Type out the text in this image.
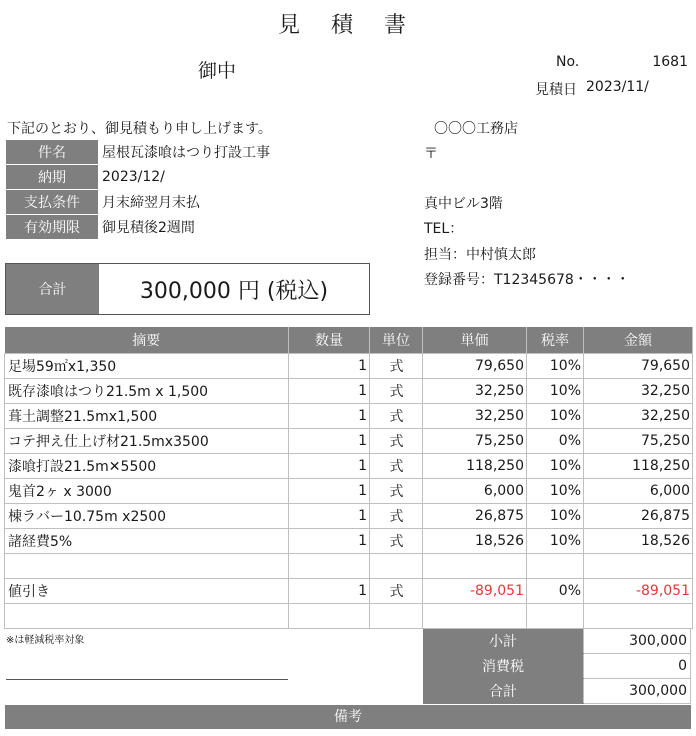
見 積 書
御中	No.	1681
見積日 2023/11/
下記のとおり、御見積もり申し上げます。
件名	屋根瓦漆喰はつり打設工事
納期	2023/12/
支払条件	月末締翌月末払
有効期限	御見積後2週間
〇〇〇工務店
〒
真中ビル3階
TEL：
担当：中村慎太郎
登録番号：T12345678・・・・
合計	300,000 円 (税込)
摘要	数量	単位	単価	税率	金額
足場59㎡x1,350	1	式	79,650	10%	79,650
既存漆喰はつり21.5m x 1,500	1	式	32,250	10%	32,250
葺土調整21.5mx1,500	1	式	32,250	10%	32,250
コテ押え仕上げ材21.5mx3500	1	式	75,250	0%	75,250
漆喰打設21.5m✕5500	1	式	118,250	10%	118,250
鬼首2ヶ x 3000	1	式	6,000	10%	6,000
棟ラバー10.75m x2500	1	式	26,875	10%	26,875
諸経費5%	1	式	18,526	10%	18,526

値引き	1	式	-89,051	0%	-89,051

※は軽減税率対象	小計	300,000
消費税	0
合計	300,000
備考
